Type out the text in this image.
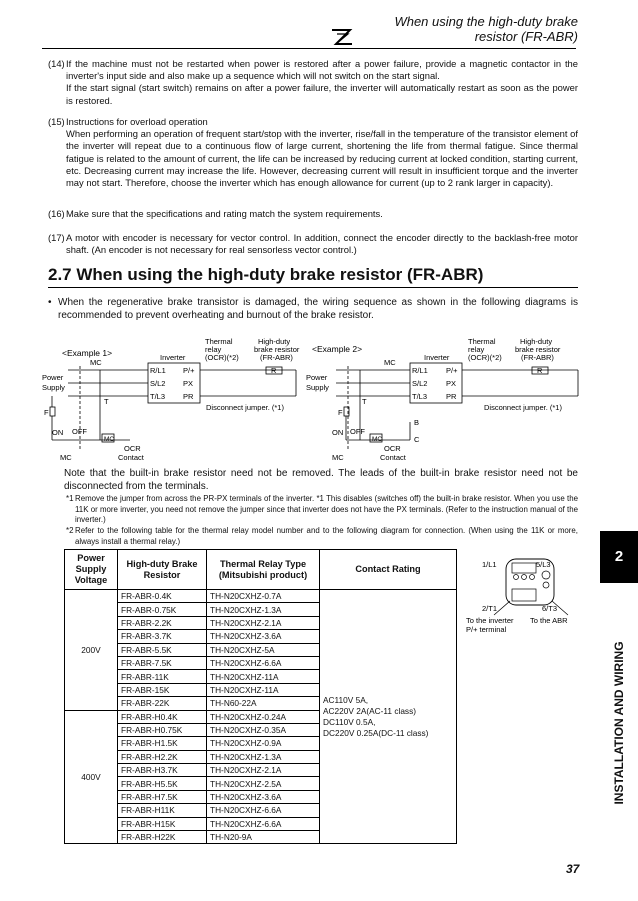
When using the high-duty brake
resistor (FR-ABR)
(14) If the machine must not be restarted when power is restored after a power failure, provide a magnetic contactor in the inverter's input side and also make up a sequence which will not switch on the start signal.
If the start signal (start switch) remains on after a power failure, the inverter will automatically restart as soon as the power is restored.
(15) Instructions for overload operation
When performing an operation of frequent start/stop with the inverter, rise/fall in the temperature of the transistor element of the inverter will repeat due to a continuous flow of large current, shortening the life from thermal fatigue. Since thermal fatigue is related to the amount of current, the life can be increased by reducing current at locked condition, starting current, etc. Decreasing current may increase the life. However, decreasing current will result in insufficient torque and the inverter may not start. Therefore, choose the inverter which has enough allowance for current (up to 2 rank larger in capacity).
(16) Make sure that the specifications and rating match the system requirements.
(17) A motor with encoder is necessary for vector control. In addition, connect the encoder directly to the backlash-free motor shaft. (An encoder is not necessary for real sensorless vector control.)
2.7 When using the high-duty brake resistor (FR-ABR)
• When the regenerative brake transistor is damaged, the wiring sequence as shown in the following diagrams is recommended to prevent overheating and burnout of the brake resistor.
<Example 1>
Power
Supply
MC
T
F
MC
ON OFF
MC
OCR
Contact
Inverter
R/L1
S/L2
T/L3
P/+
PX
PR
R
Thermal
relay
(OCR)(*2)
High-duty
brake resistor
(FR-ABR)
Disconnect jumper. (*1)
<Example 2>
Power
Supply
MC
T
F
MC
ON OFF
MC
OCR
Contact
B
C
Inverter
R/L1
S/L2
T/L3
P/+
PX
PR
R
Thermal
relay
(OCR)(*2)
High-duty
brake resistor
(FR-ABR)
Disconnect jumper. (*1)
Note that the built-in brake resistor need not be removed. The leads of the built-in brake resistor need not be disconnected from the terminals.
*1 Remove the jumper from across the PR-PX terminals of the inverter. *1 This disables (switches off) the built-in brake resistor. When you use the 11K or more inverter, you need not remove the jumper since that inverter does not have the PX terminals. (Refer to the instruction manual of the inverter.)
*2 Refer to the following table for the thermal relay model number and to the following diagram for connection. (When using the 11K or more, always install a thermal relay.)
Power Supply Voltage	High-duty Brake Resistor	Thermal Relay Type (Mitsubishi product)	Contact Rating
200V	FR-ABR-0.4K	TH-N20CXHZ-0.7A	AC110V 5A,
AC220V 2A(AC-11 class)
DC110V 0.5A,
DC220V 0.25A(DC-11 class)

	FR-ABR-0.75K	TH-N20CXHZ-1.3A	
	FR-ABR-2.2K	TH-N20CXHZ-2.1A	
	FR-ABR-3.7K	TH-N20CXHZ-3.6A	
	FR-ABR-5.5K	TH-N20CXHZ-5A	
	FR-ABR-7.5K	TH-N20CXHZ-6.6A	
	FR-ABR-11K	TH-N20CXHZ-11A	
	FR-ABR-15K	TH-N20CXHZ-11A	
	FR-ABR-22K	TH-N60-22A	
400V	FR-ABR-H0.4K	TH-N20CXHZ-0.24A	
	FR-ABR-H0.75K	TH-N20CXHZ-0.35A	
	FR-ABR-H1.5K	TH-N20CXHZ-0.9A	
	FR-ABR-H2.2K	TH-N20CXHZ-1.3A	
	FR-ABR-H3.7K	TH-N20CXHZ-2.1A	
	FR-ABR-H5.5K	TH-N20CXHZ-2.5A	
	FR-ABR-H7.5K	TH-N20CXHZ-3.6A	
	FR-ABR-H11K	TH-N20CXHZ-6.6A	
	FR-ABR-H15K	TH-N20CXHZ-6.6A	
	FR-ABR-H22K	TH-N20-9A	
1/L1	5/L3
2/T1	6/T3
To the inverter
P/+ terminal
To the ABR
2
INSTALLATION AND WIRING
37
